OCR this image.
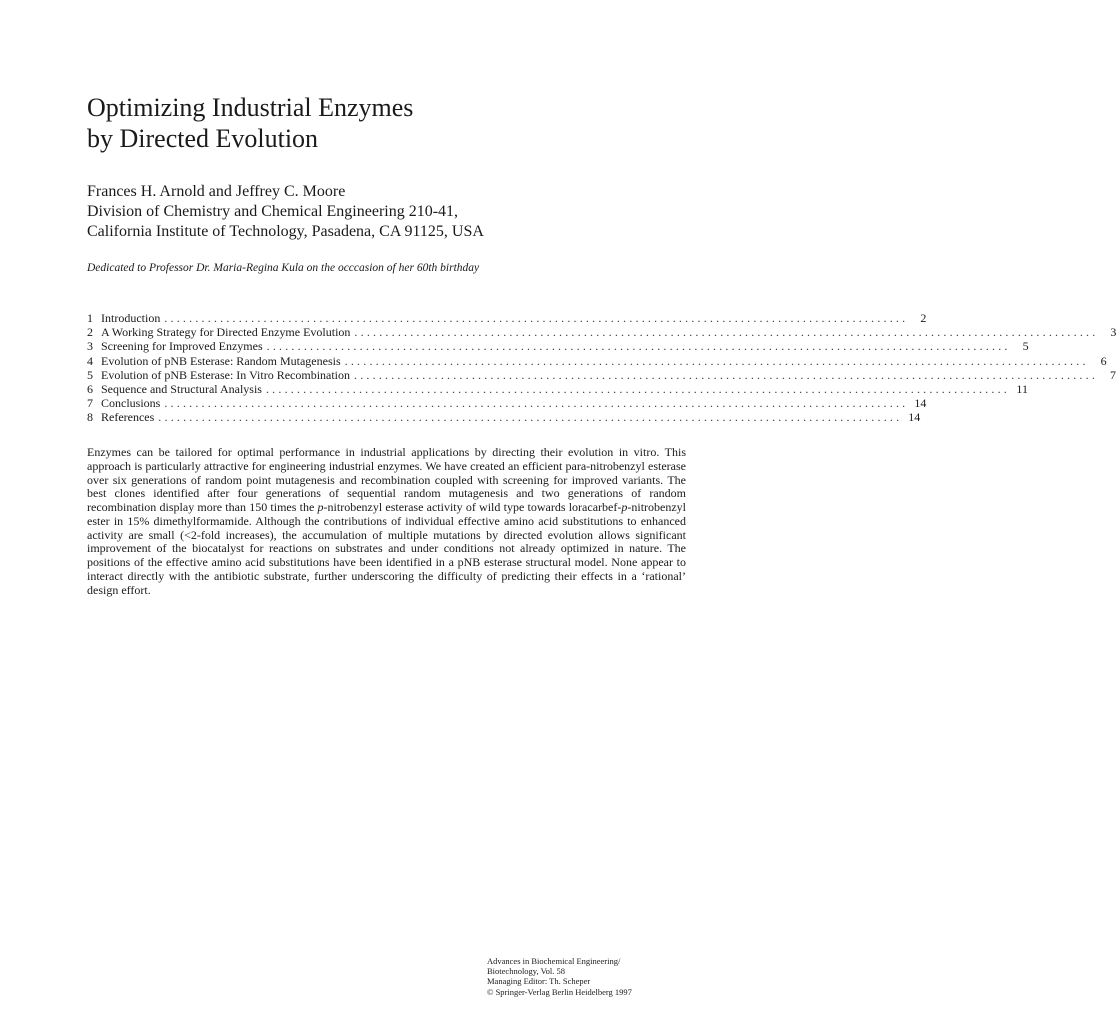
Optimizing Industrial Enzymes
by Directed Evolution
Frances H. Arnold and Jeffrey C. Moore
Division of Chemistry and Chemical Engineering 210-41,
California Institute of Technology, Pasadena, CA 91125, USA
Dedicated to Professor Dr. Maria-Regina Kula on the occcasion of her 60th birthday
1 Introduction ........................................................................................................................	2
2 A Working Strategy for Directed Enzyme Evolution ........................................................................................................................	3
3 Screening for Improved Enzymes ........................................................................................................................	5
4 Evolution of pNB Esterase: Random Mutagenesis ........................................................................................................................	6
5 Evolution of pNB Esterase: In Vitro Recombination ........................................................................................................................	7
6 Sequence and Structural Analysis ........................................................................................................................ 11
7 Conclusions ........................................................................................................................ 14
8 References ........................................................................................................................ 14

Enzymes can be tailored for optimal performance in industrial applications by directing their evolution in vitro. This approach is particularly attractive for engineering industrial enzymes. We have created an efficient para-nitrobenzyl esterase over six generations of random point mutagenesis and recombination coupled with screening for improved variants. The best clones identified after four generations of sequential random mutagenesis and two generations of random recombination display more than 150 times the p-nitrobenzyl esterase activity of wild type towards loracarbef-p-nitrobenzyl ester in 15% dimethylformamide. Although the contributions of individual effective amino acid substitutions to enhanced activity are small (<2-fold increases), the accumulation of multiple mutations by directed evolution allows significant improvement of the biocatalyst for reactions on substrates and under conditions not already optimized in nature. The positions of the effective amino acid substitutions have been identified in a pNB esterase structural model. None appear to interact directly with the antibiotic substrate, further underscoring the difficulty of predicting their effects in a ‘rational’ design effort.

Advances in Biochemical Engineering/
Biotechnology, Vol. 58
Managing Editor: Th. Scheper
© Springer-Verlag Berlin Heidelberg 1997
